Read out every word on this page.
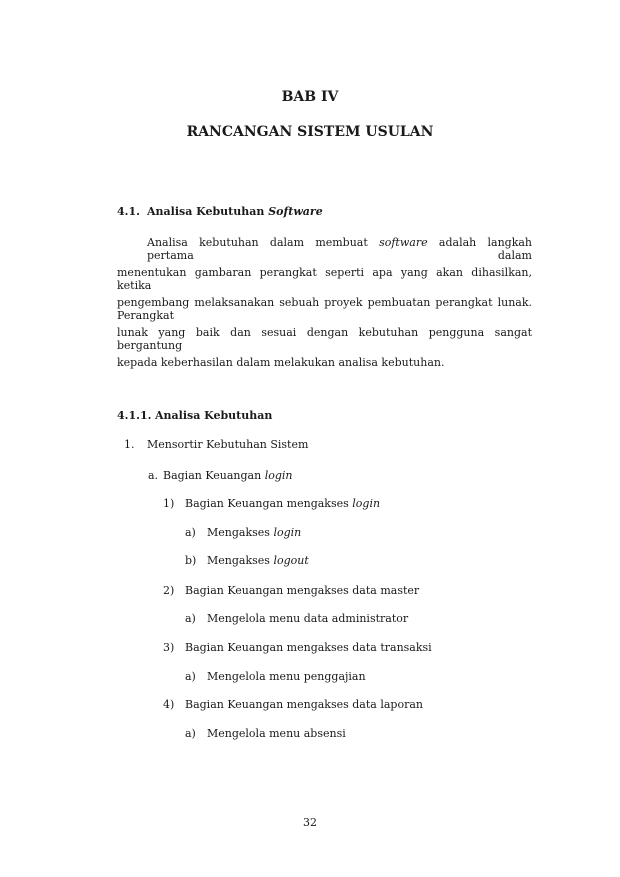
BAB IV
RANCANGAN SISTEM USULAN
4.1. Analisa Kebutuhan Software
Analisa kebutuhan dalam membuat software adalah langkah pertama dalam
menentukan gambaran perangkat seperti apa yang akan dihasilkan, ketika
pengembang melaksanakan sebuah proyek pembuatan perangkat lunak. Perangkat
lunak yang baik dan sesuai dengan kebutuhan pengguna sangat bergantung
kepada keberhasilan dalam melakukan analisa kebutuhan.
4.1.1. Analisa Kebutuhan
1. Mensortir Kebutuhan Sistem
a. Bagian Keuangan login
1) Bagian Keuangan mengakses login
a) Mengakses login
b) Mengakses logout
2) Bagian Keuangan mengakses data master
a) Mengelola menu data administrator
3) Bagian Keuangan mengakses data transaksi
a) Mengelola menu penggajian
4) Bagian Keuangan mengakses data laporan
a) Mengelola menu absensi
32
